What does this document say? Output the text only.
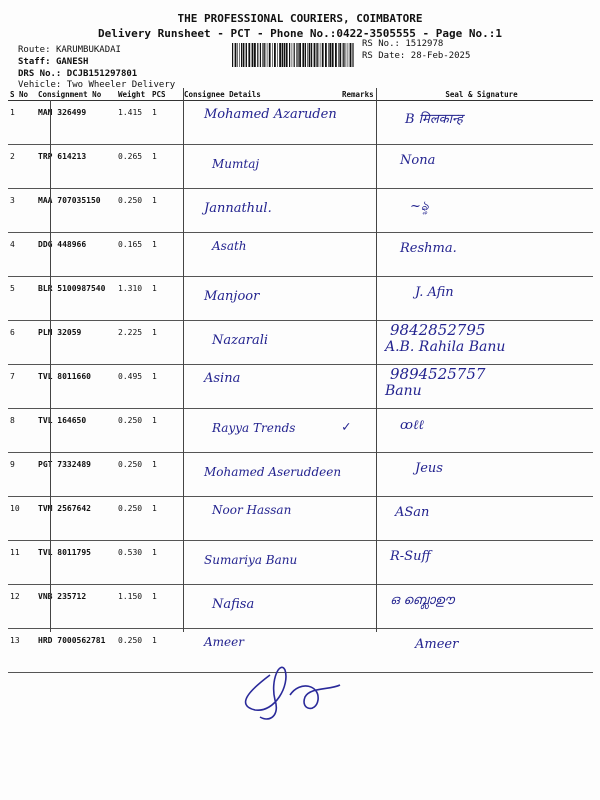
THE PROFESSIONAL COURIERS, COIMBATORE
Delivery Runsheet - PCT - Phone No.:0422-3505555 - Page No.:1
Route: KARUMBUKADAI
Staff: GANESH
DRS No.: DCJB151297801
Vehicle: Two Wheeler Delivery
RS No.: 1512978
RS Date: 28-Feb-2025
S No	Consignment No	Weight	PCS	Consignee Details	Remarks	Seal & Signature
1	MAN 326499	1.415	1	Mohamed Azaruden		B मिलकान्ह

2	TRP 614213	0.265	1	Mumtaj		Nona

3	MAA 707035150	0.250	1	Jannathul.		~ৡ

4	DDG 448966	0.165	1	Asath		Reshma.

5	BLR 5100987540	1.310	1	Manjoor		J. Afin

6	PLN 32059	2.225	1	Nazarali		9842852795
A.B. Rahila Banu

7	TVL 8011660	0.495	1	Asina		9894525757
Banu

8	TVL 164650	0.250	1	Rayya Trends	✓	ꝏℓℓ

9	PGT 7332489	0.250	1	Mohamed Aseruddeen		Jeus

10	TVM 2567642	0.250	1	Noor Hassan		ASan

11	TVL 8011795	0.530	1	Sumariya Banu		R-Suff

12	VNB 235712	1.150	1	Nafisa		ഒ ബ്ലൊഊ

13	HRD 7000562781	0.250	1	Ameer		Ameer
